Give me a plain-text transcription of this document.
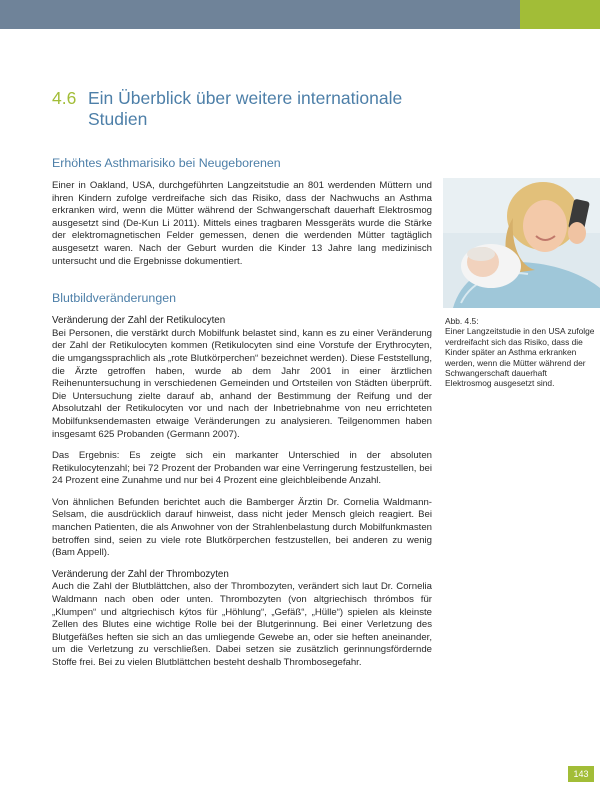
4.6 Ein Überblick über weitere internationale Studien
Erhöhtes Asthmarisiko bei Neugeborenen

Einer in Oakland, USA, durchgeführten Langzeitstudie an 801 werdenden Müttern und ihren Kindern zufolge verdreifache sich das Risiko, dass der Nachwuchs an Asthma erkranken wird, wenn die Mütter während der Schwangerschaft dauerhaft Elektrosmog ausgesetzt sind (De-Kun Li 2011). Mittels eines tragbaren Messgeräts wurde die Stärke der elektromagnetischen Felder gemessen, denen die werdenden Mütter tagtäglich ausgesetzt waren. Nach der Geburt wurden die Kinder 13 Jahre lang medizinisch untersucht und die Ergebnisse dokumentiert.

Blutbildveränderungen
Veränderung der Zahl der Retikulocyten

Bei Personen, die verstärkt durch Mobilfunk belastet sind, kann es zu einer Veränderung der Zahl der Retikulocyten kommen (Retikulocyten sind eine Vorstufe der Erythrocyten, die umgangssprachlich als „rote Blutkörperchen“ bezeichnet werden). Diese Feststellung, die Ärzte getroffen haben, wurde ab dem Jahr 2001 in einer ärztlichen Reihenuntersuchung in verschiedenen Gemeinden und Ortsteilen von Städten überprüft. Die Untersuchung zielte darauf ab, anhand der Bestimmung der Reifung und der Absolutzahl der Retikulocyten vor und nach der Inbetriebnahme von neu errichteten Mobilfunksendemasten etwaige Veränderungen zu analysieren. Teilgenommen haben insgesamt 625 Probanden (Germann 2007).

Das Ergebnis: Es zeigte sich ein markanter Unterschied in der absoluten Retikulocytenzahl; bei 72 Prozent der Probanden war eine Verringerung festzustellen, bei 24 Prozent eine Zunahme und nur bei 4 Prozent eine gleichbleibende Anzahl.

Von ähnlichen Befunden berichtet auch die Bamberger Ärztin Dr. Cornelia Waldmann-Selsam, die ausdrücklich darauf hinweist, dass nicht jeder Mensch gleich reagiert. Bei manchen Patienten, die als Anwohner von der Strahlenbelastung durch Mobilfunkmasten betroffen sind, seien zu viele rote Blutkörperchen festzustellen, bei anderen zu wenig (Bam Appell).

Veränderung der Zahl der Thrombozyten

Auch die Zahl der Blutblättchen, also der Thrombozyten, verändert sich laut Dr. Cornelia Waldmann nach oben oder unten. Thrombozyten (von altgriechisch thrómbos für „Klumpen“ und altgriechisch kýtos für „Höhlung“, „Gefäß“, „Hülle“) spielen als kleinste Zellen des Blutes eine wichtige Rolle bei der Blutgerinnung. Bei einer Verletzung des Blutgefäßes heften sie sich an das umliegende Gewebe an, oder sie heften aneinander, um die Verletzung zu verschließen. Dabei setzen sie zusätzlich gerinnungsfördernde Stoffe frei. Bei zu vielen Blutblättchen besteht deshalb Thrombosegefahr.

Abb. 4.5:
Einer Langzeitstudie in den USA zufolge verdreifacht sich das Risiko, dass die Kinder später an Asthma erkranken werden, wenn die Mütter während der Schwangerschaft dauerhaft Elektrosmog ausgesetzt sind.
143
